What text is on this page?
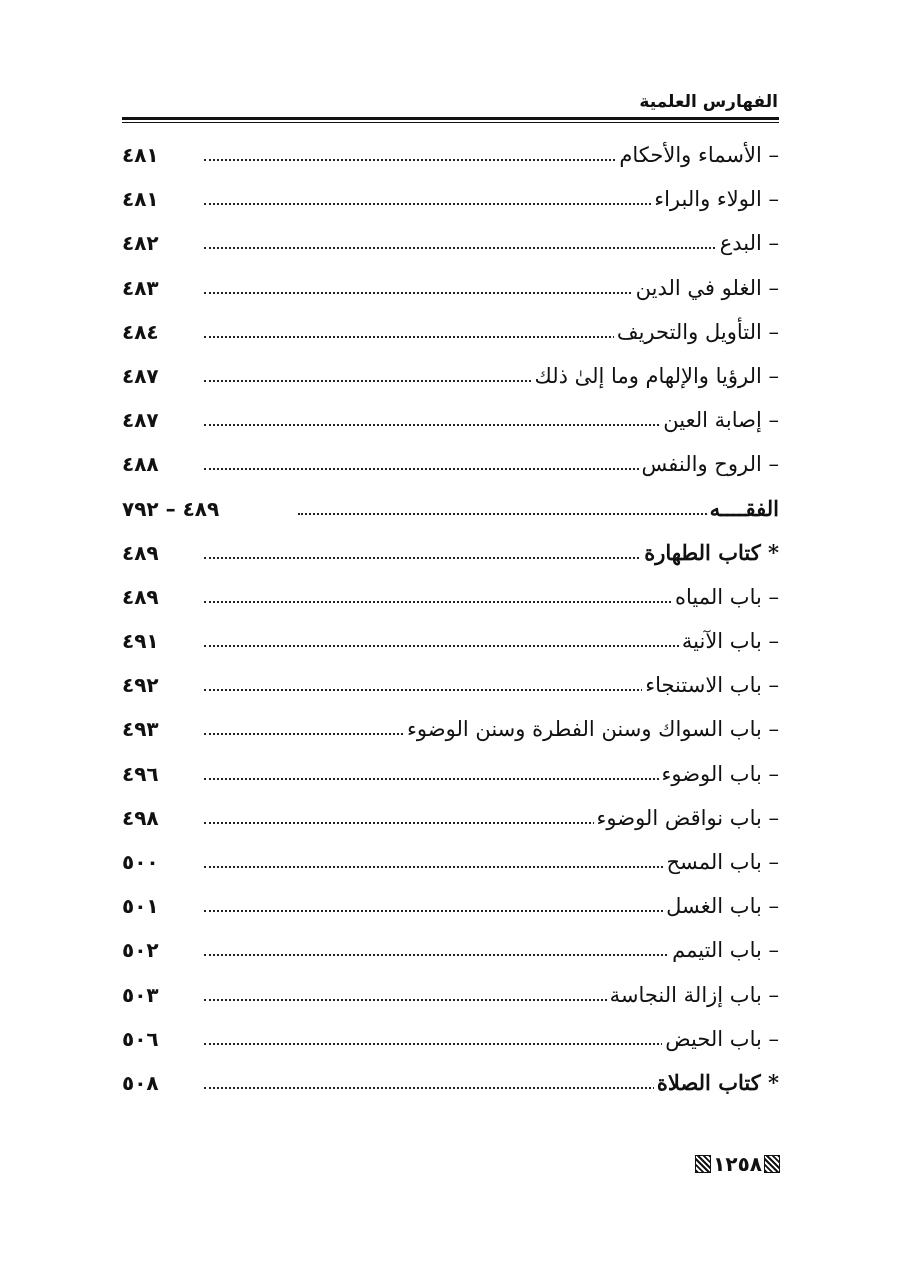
الفهارس العلمية
– الأسماء والأحكام
٤٨١
– الولاء والبراء
٤٨١
– البدع
٤٨٢
– الغلو في الدين
٤٨٣
– التأويل والتحريف
٤٨٤
– الرؤيا والإلهام وما إلىٰ ذلك
٤٨٧
– إصابة العين
٤٨٧
– الروح والنفس
٤٨٨
الفقــــه
٤٨٩ – ٧٩٢
* كتاب الطهارة
٤٨٩
– باب المياه
٤٨٩
– باب الآنية
٤٩١
– باب الاستنجاء
٤٩٢
– باب السواك وسنن الفطرة وسنن الوضوء
٤٩٣
– باب الوضوء
٤٩٦
– باب نواقض الوضوء
٤٩٨
– باب المسح
٥٠٠
– باب الغسل
٥٠١
– باب التيمم
٥٠٢
– باب إزالة النجاسة
٥٠٣
– باب الحيض
٥٠٦
* كتاب الصلاة
٥٠٨
١٢٥٨
